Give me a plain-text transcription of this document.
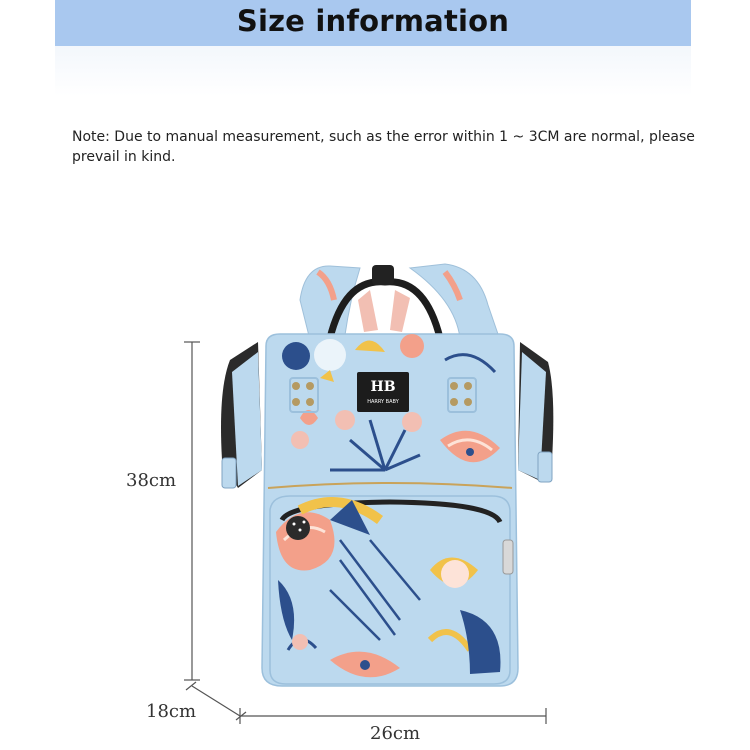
Size information
Note: Due to manual measurement, such as the error within 1 ~ 3CM are normal, please prevail in kind.
HB
HARRY BABY
38cm
18cm
26cm
